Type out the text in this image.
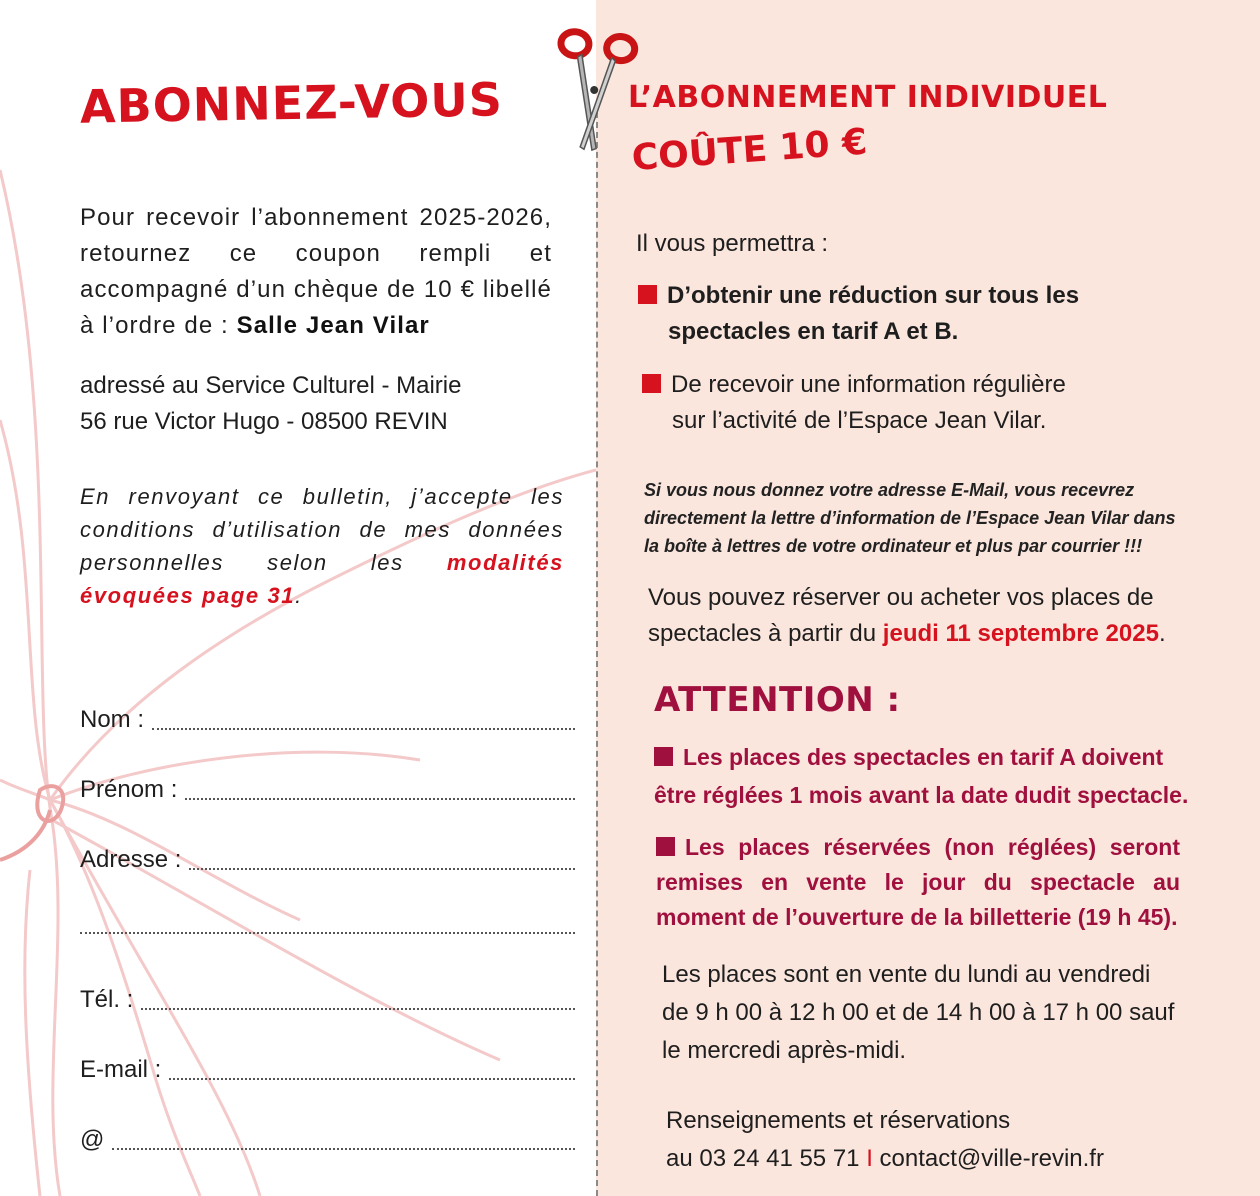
ABONNEZ-VOUS
Pour recevoir l’abonnement 2025-2026, retournez ce coupon rempli et accompagné d’un chèque de 10 € libellé à l’ordre de : Salle Jean Vilar
adressé au Service Culturel - Mairie
56 rue Victor Hugo - 08500 REVIN
En renvoyant ce bulletin, j’accepte les conditions d’utilisation de mes données personnelles selon les modalités évoquées page 31.
Nom :
Prénom :
Adresse :
Tél. :
E-mail :
@
L’ABONNEMENT INDIVIDUEL
COÛTE 10 €
Il vous permettra :
D’obtenir une réduction sur tous les
spectacles en tarif A et B.
De recevoir une information régulière
sur l’activité de l’Espace Jean Vilar.
Si vous nous donnez votre adresse E-Mail, vous recevrez directement la lettre d’information de l’Espace Jean Vilar dans la boîte à lettres de votre ordinateur et plus par courrier !!!
Vous pouvez réserver ou acheter vos places de spectacles à partir du jeudi 11 septembre 2025.
ATTENTION :
Les places des spectacles en tarif A doivent être réglées 1 mois avant la date dudit spectacle.
Les places réservées (non réglées) seront remises en vente le jour du spectacle au moment de l’ouverture de la billetterie (19 h 45).
Les places sont en vente du lundi au vendredi de 9 h 00 à 12 h 00 et de 14 h 00 à 17 h 00 sauf le mercredi après-midi.
Renseignements et réservations
au 03 24 41 55 71 I contact@ville-revin.fr
